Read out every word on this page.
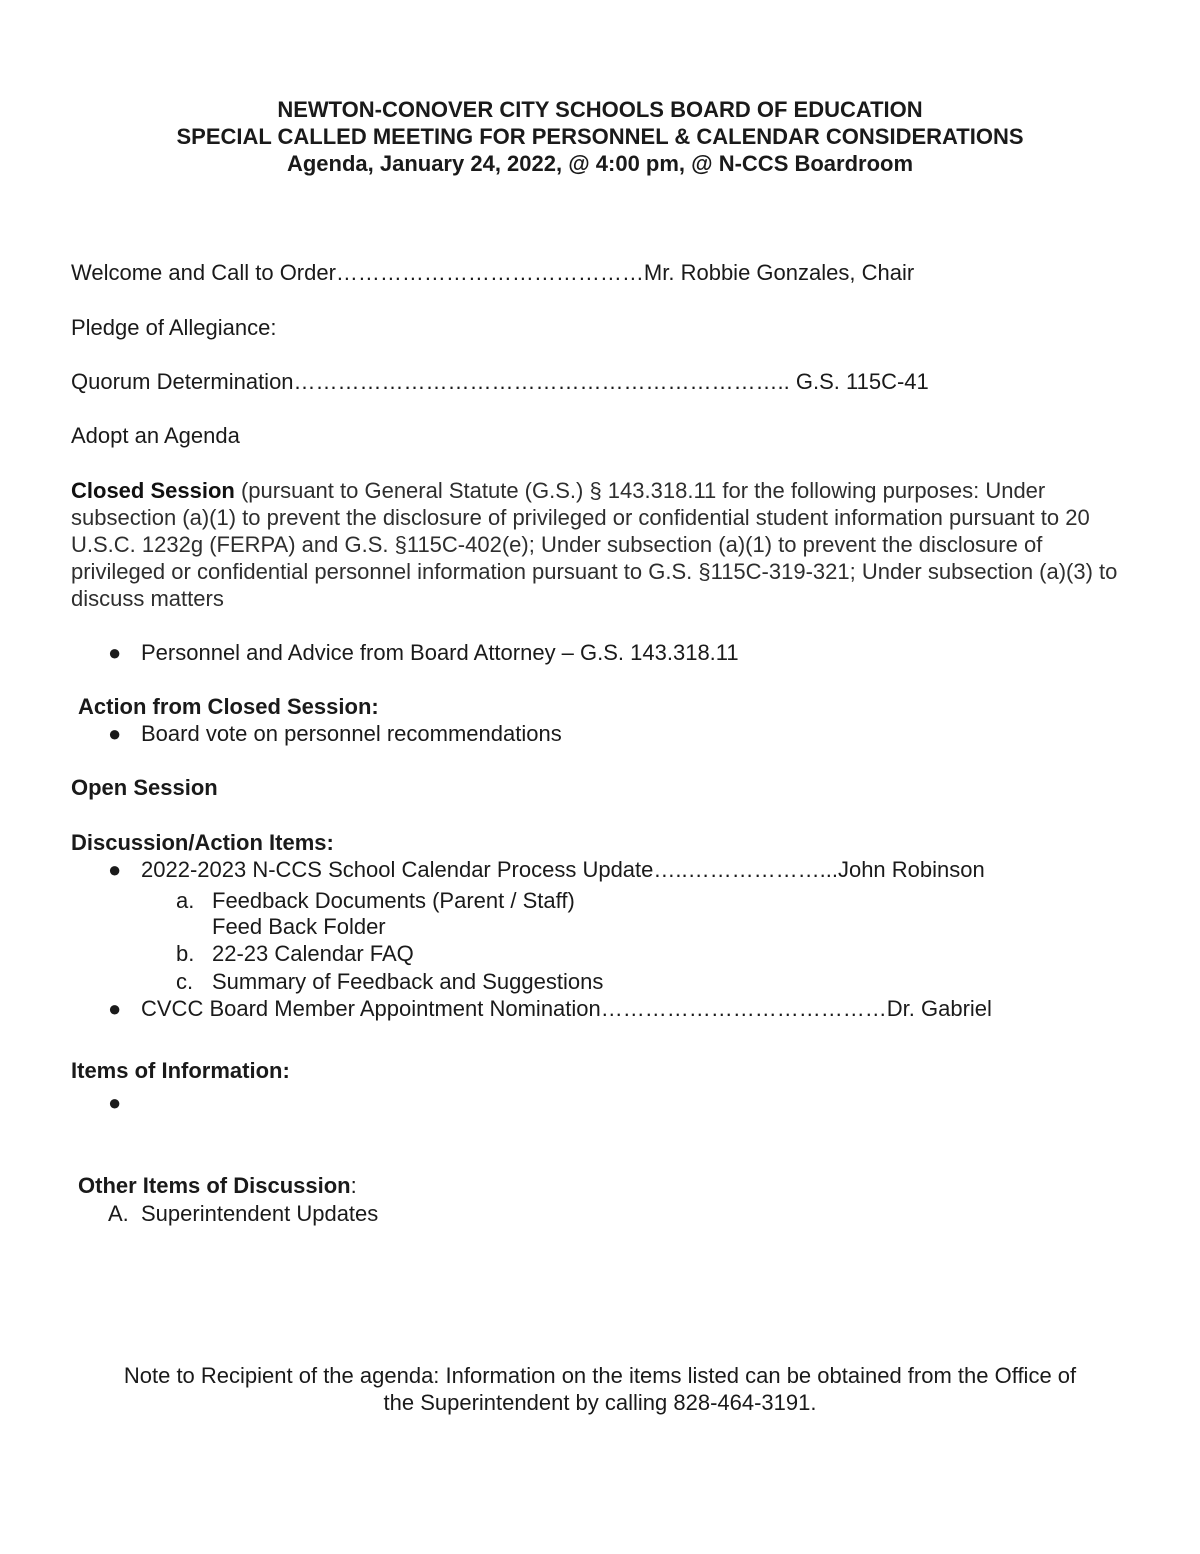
NEWTON-CONOVER CITY SCHOOLS BOARD OF EDUCATION
SPECIAL CALLED MEETING FOR PERSONNEL & CALENDAR CONSIDERATIONS
Agenda, January 24, 2022, @ 4:00 pm, @ N-CCS Boardroom
Welcome and Call to Order……………………………………Mr. Robbie Gonzales, Chair
Pledge of Allegiance:
Quorum Determination………………………………………………………….. G.S. 115C-41
Adopt an Agenda
Closed Session (pursuant to General Statute (G.S.) § 143.318.11 for the following purposes: Under subsection (a)(1) to prevent the disclosure of privileged or confidential student information pursuant to 20 U.S.C. 1232g (FERPA) and G.S. §115C-402(e); Under subsection (a)(1) to prevent the disclosure of privileged or confidential personnel information pursuant to G.S. §115C-319-321; Under subsection (a)(3) to discuss matters
● Personnel and Advice from Board Attorney – G.S. 143.318.11
Action from Closed Session:
● Board vote on personnel recommendations
Open Session
Discussion/Action Items:
● 2022-2023 N-CCS School Calendar Process Update…..………………...John Robinson
a. Feedback Documents (Parent / Staff)
Feed Back Folder
b. 22-23 Calendar FAQ
c. Summary of Feedback and Suggestions
● CVCC Board Member Appointment Nomination…………………………………Dr. Gabriel
Items of Information:
●
Other Items of Discussion:
A. Superintendent Updates
Note to Recipient of the agenda: Information on the items listed can be obtained from the Office of
the Superintendent by calling 828-464-3191.
